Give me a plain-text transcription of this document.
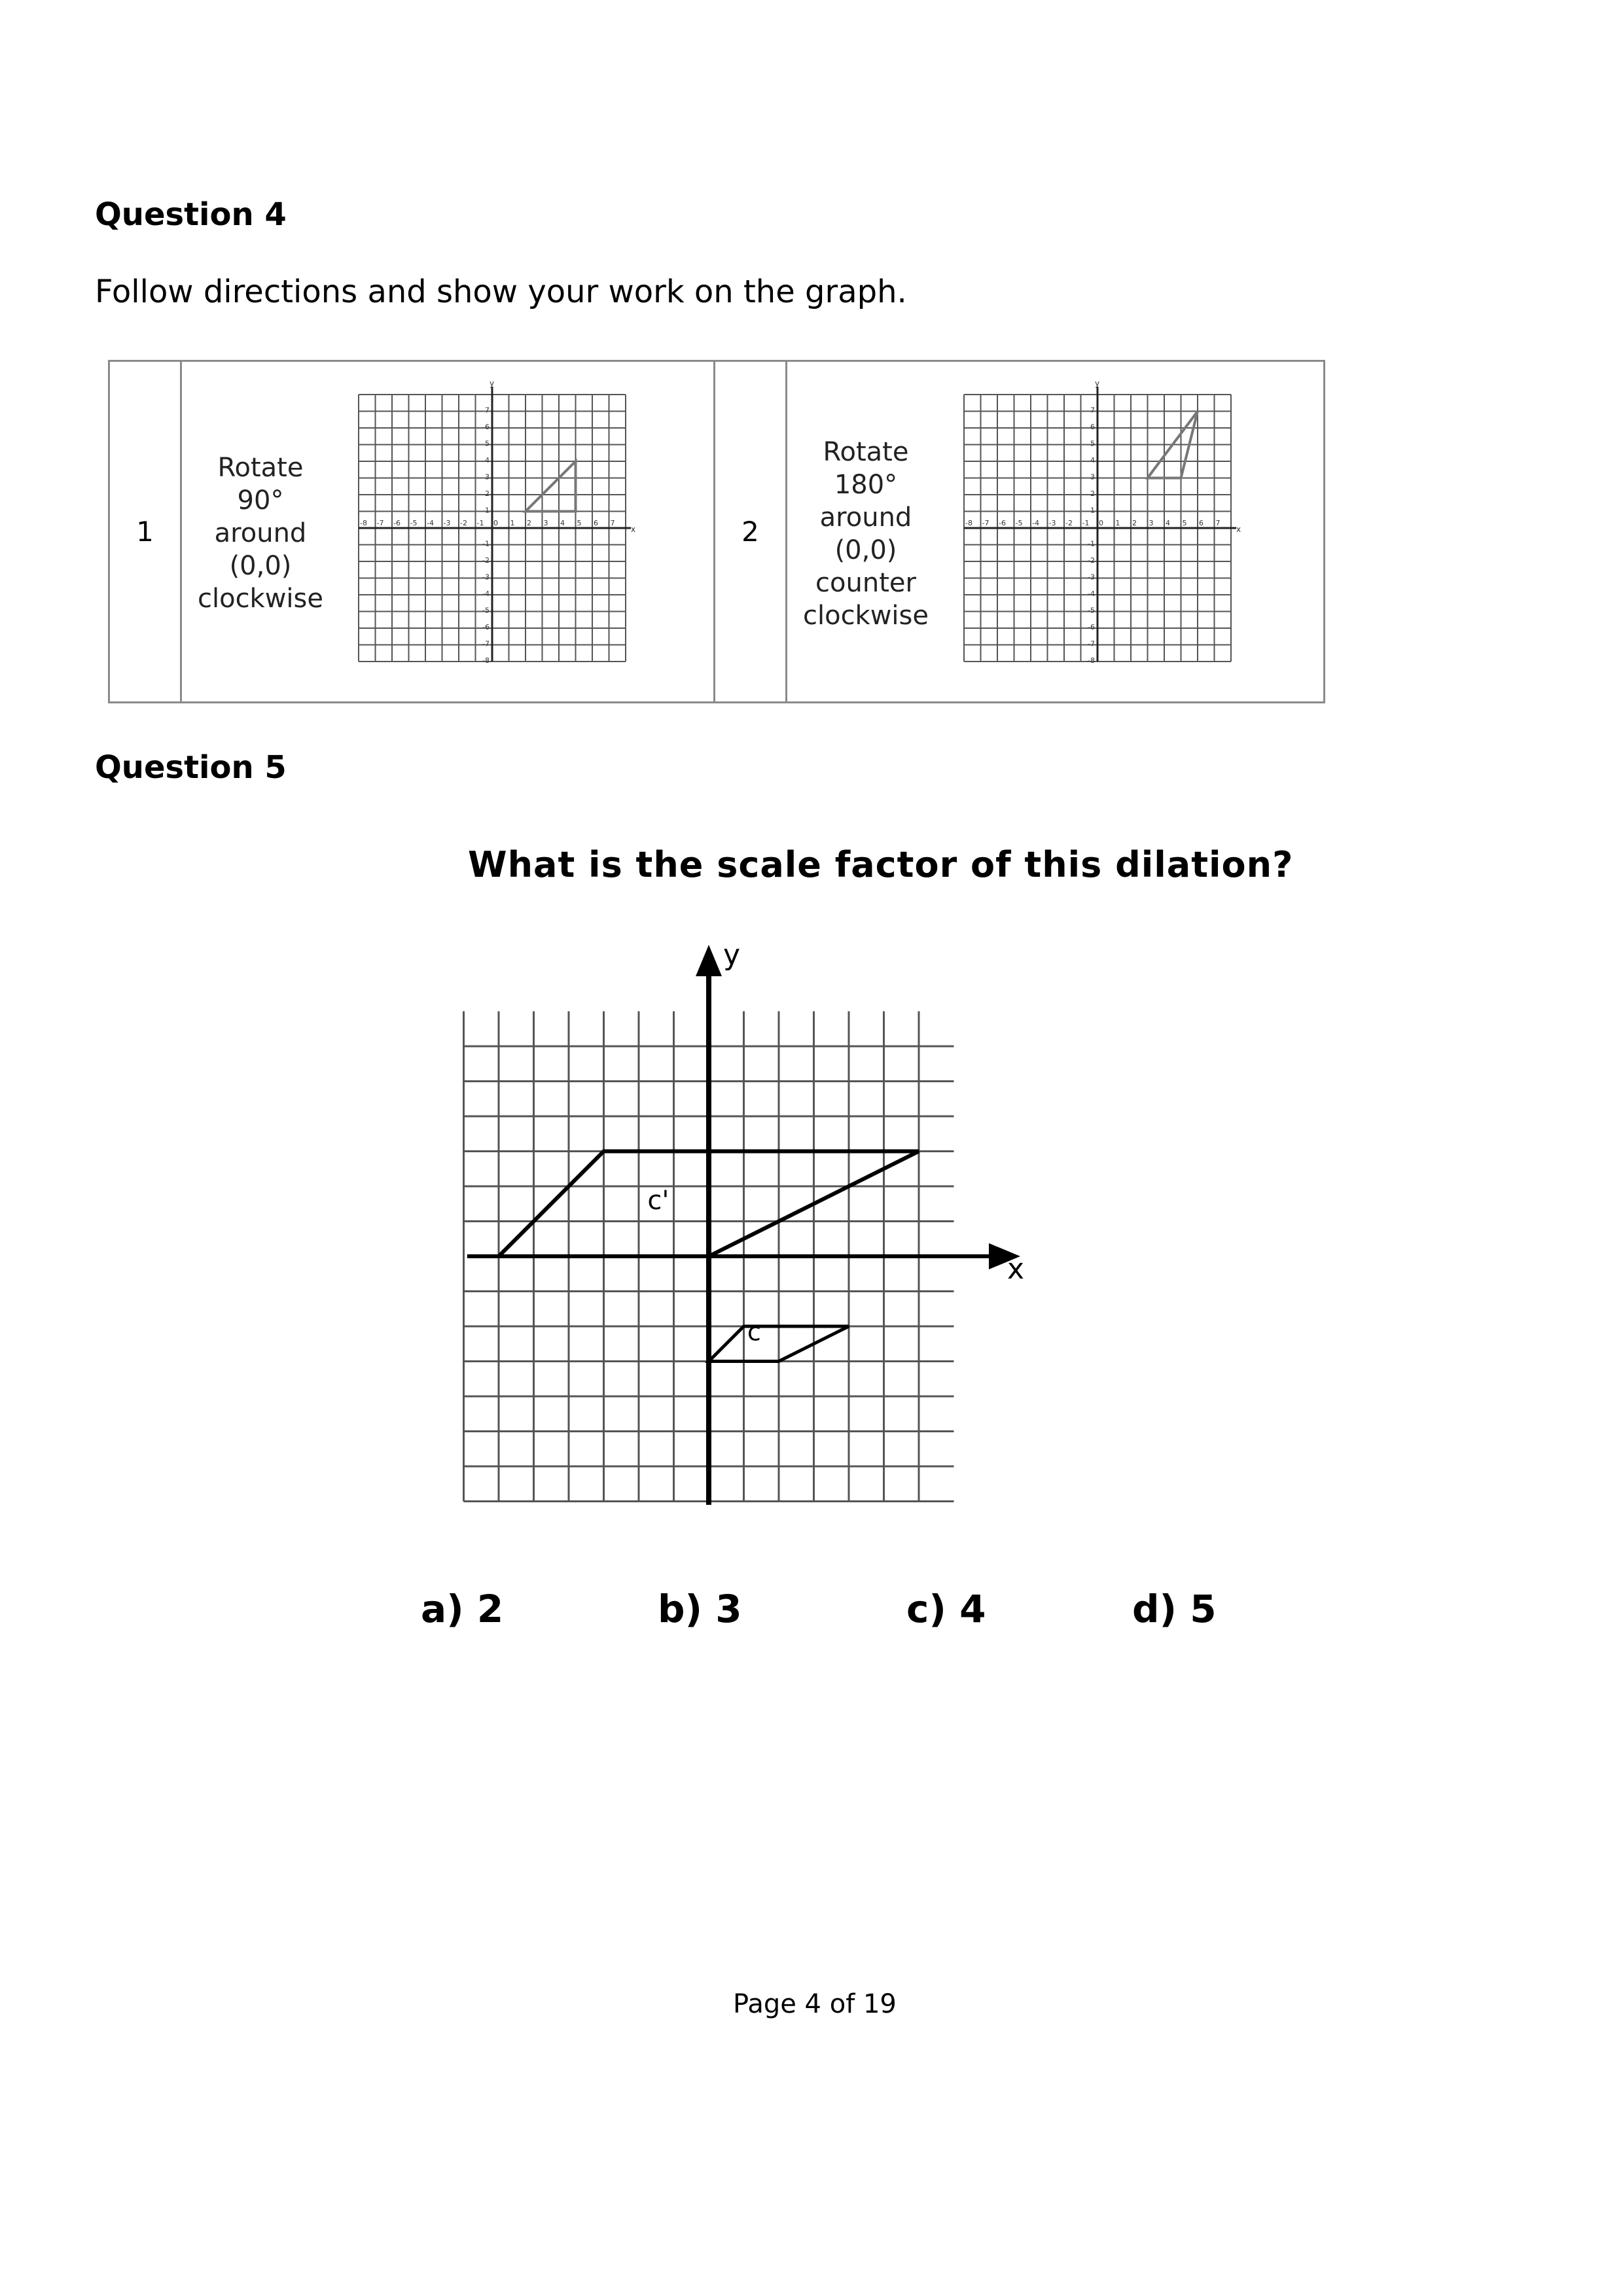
Question 4
Follow directions and show your work on the graph.
1
Rotate
90°
around
(0,0)
clockwise
y
x
-8 -7 -6 -5 -4 -3 -2 -1 0 1 2 3 4 5 6 7
7
6
5
4
3
2
1
-1
-2
-3
-4
-5
-6
-7
-8
2
Rotate
180°
around
(0,0)
counter
clockwise
y
x
-8 -7 -6 -5 -4 -3 -2 -1 0 1 2 3 4 5 6 7
7
6
5
4
3
2
1
-1
-2
-3
-4
-5
-6
-7
-8
Question 5
What is the scale factor of this dilation?
y
x
c'
c
a) 2	b) 3	c) 4	d) 5
Page 4 of 19
